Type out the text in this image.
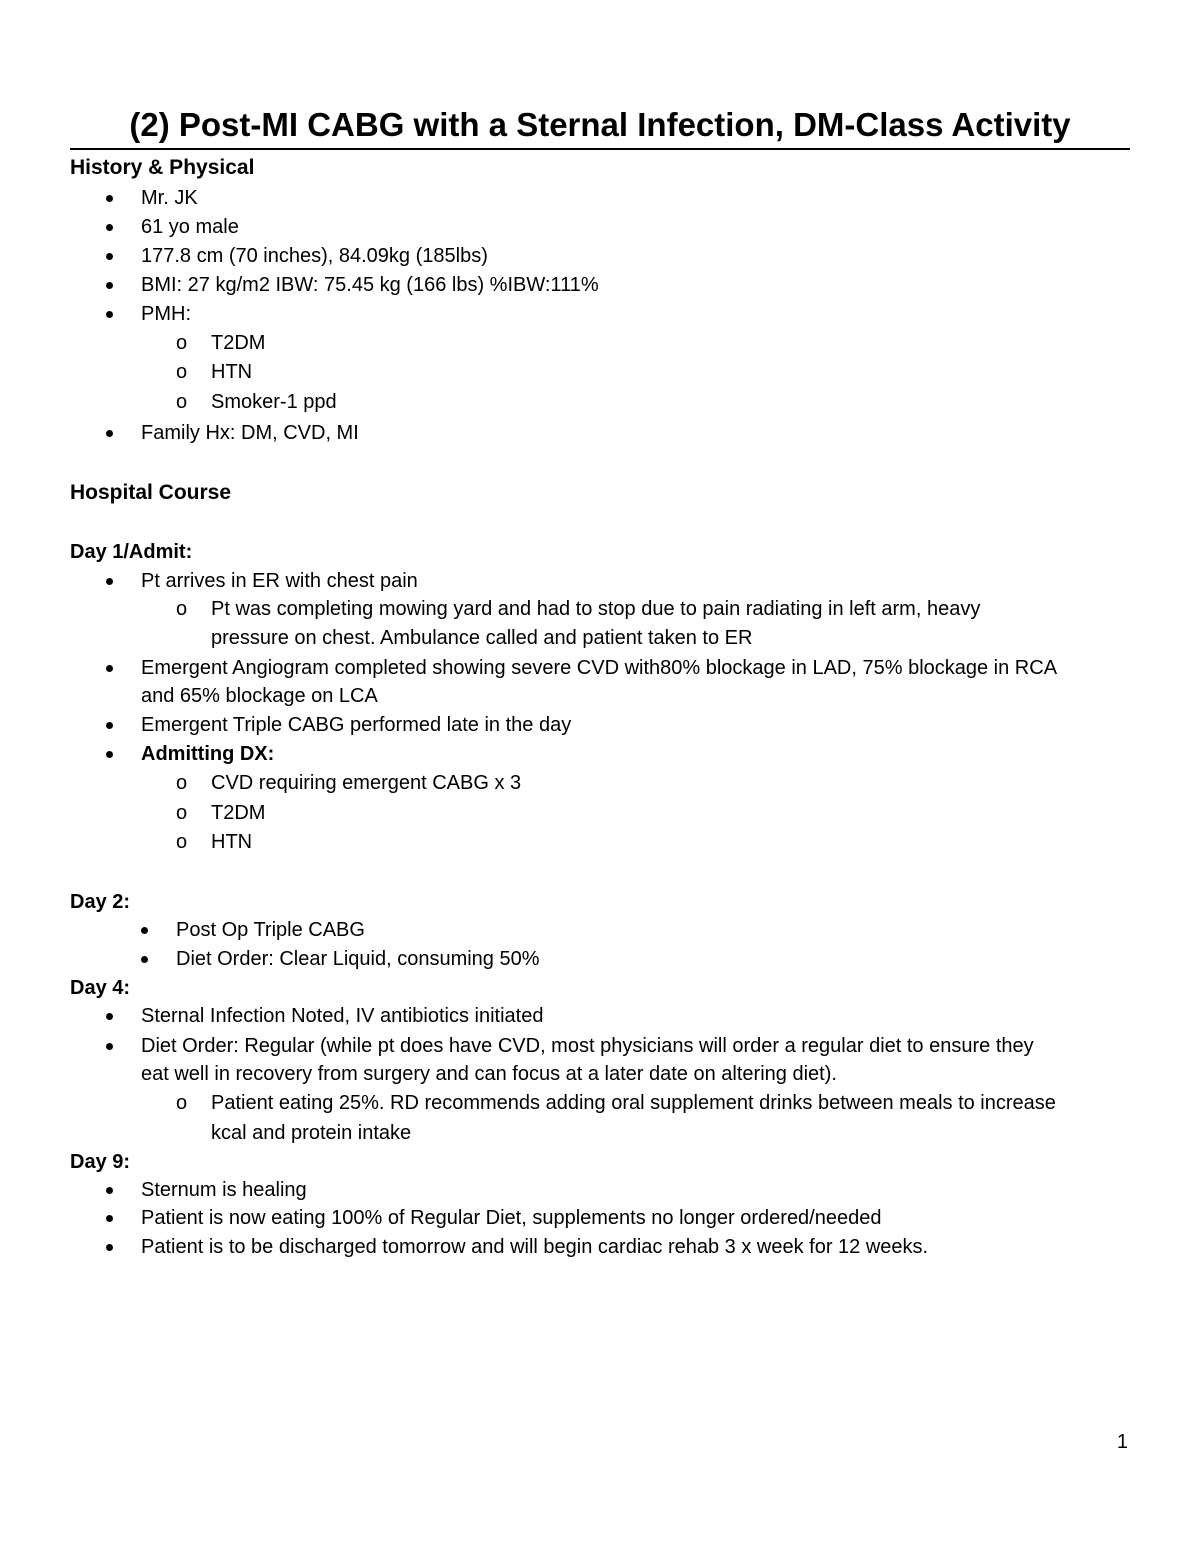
(2) Post-MI CABG with a Sternal Infection, DM-Class Activity
History & Physical
Mr. JK
61 yo male
177.8 cm (70 inches), 84.09kg (185lbs)
BMI: 27 kg/m2 IBW: 75.45 kg (166 lbs) %IBW:111%
PMH:
o T2DM
o HTN
o Smoker-1 ppd
Family Hx: DM, CVD, MI
Hospital Course
Day 1/Admit:
Pt arrives in ER with chest pain
o Pt was completing mowing yard and had to stop due to pain radiating in left arm, heavy
pressure on chest. Ambulance called and patient taken to ER
Emergent Angiogram completed showing severe CVD with80% blockage in LAD, 75% blockage in RCA
and 65% blockage on LCA
Emergent Triple CABG performed late in the day
Admitting DX:
o CVD requiring emergent CABG x 3
o T2DM
o HTN
Day 2:
Post Op Triple CABG
Diet Order: Clear Liquid, consuming 50%
Day 4:
Sternal Infection Noted, IV antibiotics initiated
Diet Order: Regular (while pt does have CVD, most physicians will order a regular diet to ensure they
eat well in recovery from surgery and can focus at a later date on altering diet).
o Patient eating 25%. RD recommends adding oral supplement drinks between meals to increase
kcal and protein intake
Day 9:
Sternum is healing
Patient is now eating 100% of Regular Diet, supplements no longer ordered/needed
Patient is to be discharged tomorrow and will begin cardiac rehab 3 x week for 12 weeks.
1
